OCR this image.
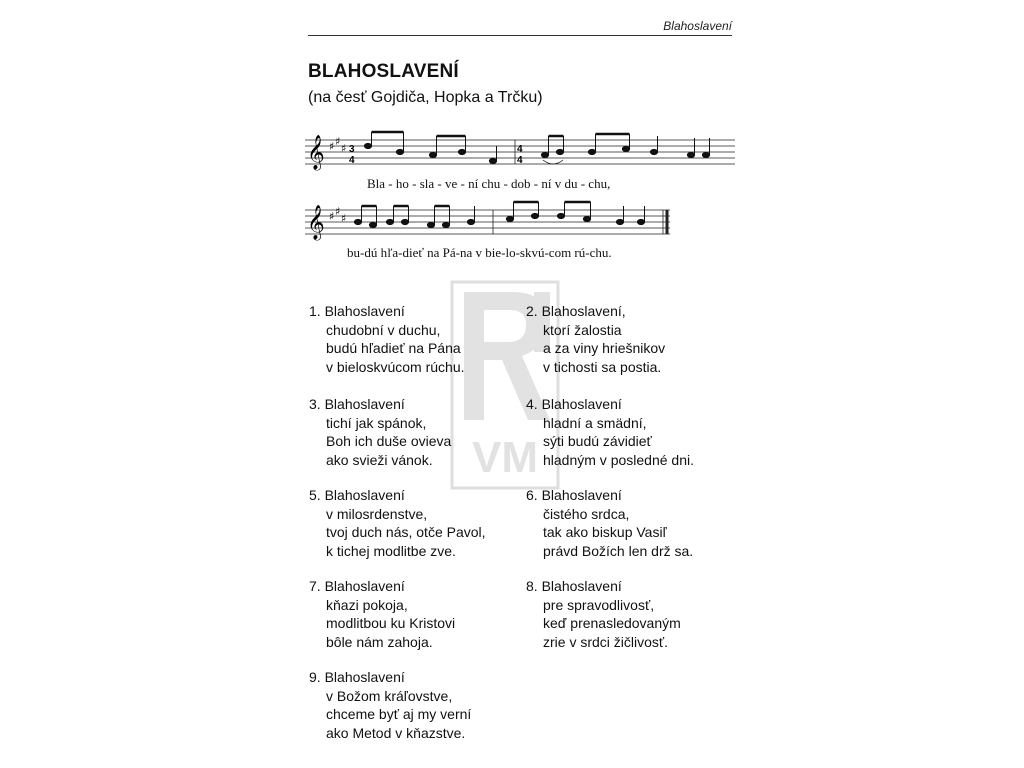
Blahoslavení
BLAHOSLAVENÍ
(na česť Gojdiča, Hopka a Trčku)
𝄞 ♯ ♯
♯ 3
4
4
4
Bla - ho - sla - ve - ní chu - dob - ní v du - chu,
𝄞 ♯ ♯
♯
bu-dú hľa-dieť na Pá-na v bie-lo-skvú-com rú-chu.
VM
1. Blahoslavení
chudobní v duchu,
budú hľadieť na Pána
v bieloskvúcom rúchu.
2. Blahoslavení,
ktorí žalostia
a za viny hriešnikov
v tichosti sa postia.
3. Blahoslavení
tichí jak spánok,
Boh ich duše ovieva
ako svieži vánok.
4. Blahoslavení
hladní a smädní,
sýti budú závidieť
hladným v posledné dni.
5. Blahoslavení
v milosrdenstve,
tvoj duch nás, otče Pavol,
k tichej modlitbe zve.
6. Blahoslavení
čistého srdca,
tak ako biskup Vasiľ
právd Božích len drž sa.
7. Blahoslavení
kňazi pokoja,
modlitbou ku Kristovi
bôle nám zahoja.
8. Blahoslavení
pre spravodlivosť,
keď prenasledovaným
zrie v srdci žičlivosť.
9. Blahoslavení
v Božom kráľovstve,
chceme byť aj my verní
ako Metod v kňazstve.
